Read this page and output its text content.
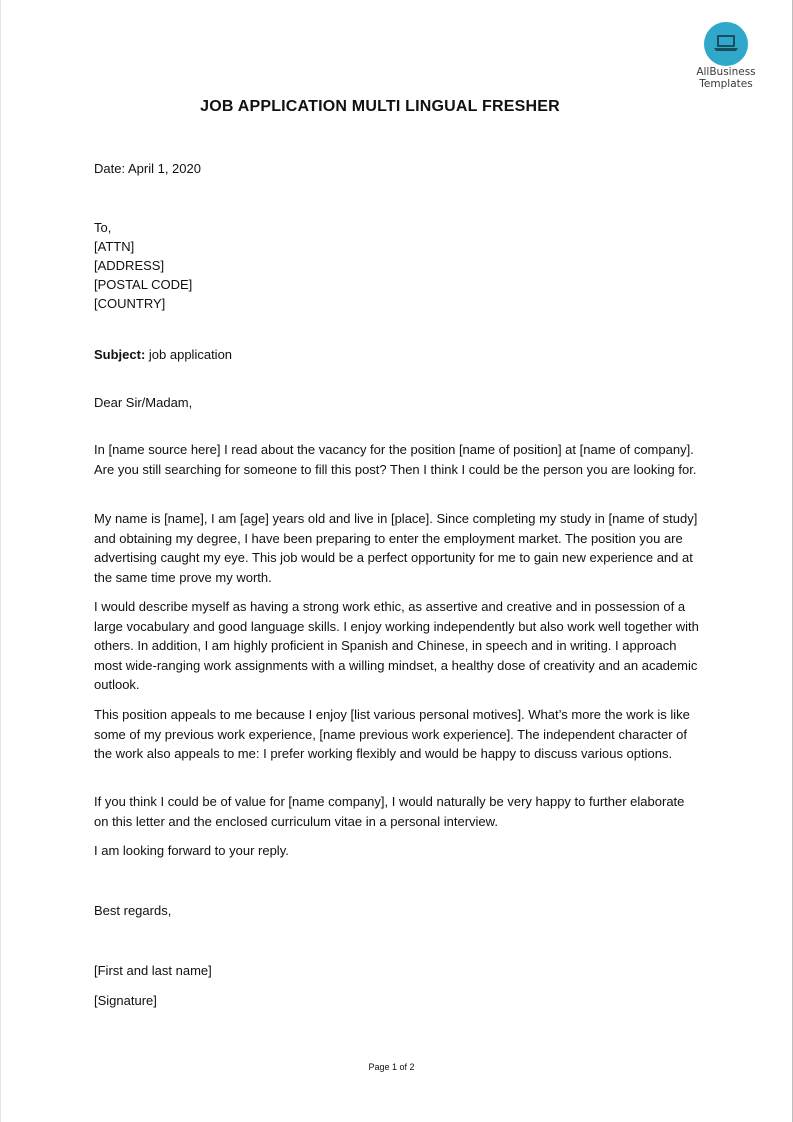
AllBusiness
Templates
JOB APPLICATION MULTI LINGUAL FRESHER
Date: April 1, 2020
To,
[ATTN]
[ADDRESS]
[POSTAL CODE]
[COUNTRY]
Subject: job application
Dear Sir/Madam,
In [name source here] I read about the vacancy for the position [name of position] at [name of company]. Are you still searching for someone to fill this post? Then I think I could be the person you are looking for.
My name is [name], I am [age] years old and live in [place]. Since completing my study in [name of study] and obtaining my degree, I have been preparing to enter the employment market. The position you are advertising caught my eye. This job would be a perfect opportunity for me to gain new experience and at the same time prove my worth.
I would describe myself as having a strong work ethic, as assertive and creative and in possession of a large vocabulary and good language skills. I enjoy working independently but also work well together with others. In addition, I am highly proficient in Spanish and Chinese, in speech and in writing. I approach most wide-ranging work assignments with a willing mindset, a healthy dose of creativity and an academic outlook.
This position appeals to me because I enjoy [list various personal motives]. What’s more the work is like some of my previous work experience, [name previous work experience]. The independent character of the work also appeals to me: I prefer working flexibly and would be happy to discuss various options.
If you think I could be of value for [name company], I would naturally be very happy to further elaborate on this letter and the enclosed curriculum vitae in a personal interview.
I am looking forward to your reply.
Best regards,
[First and last name]
[Signature]
Page 1 of 2
